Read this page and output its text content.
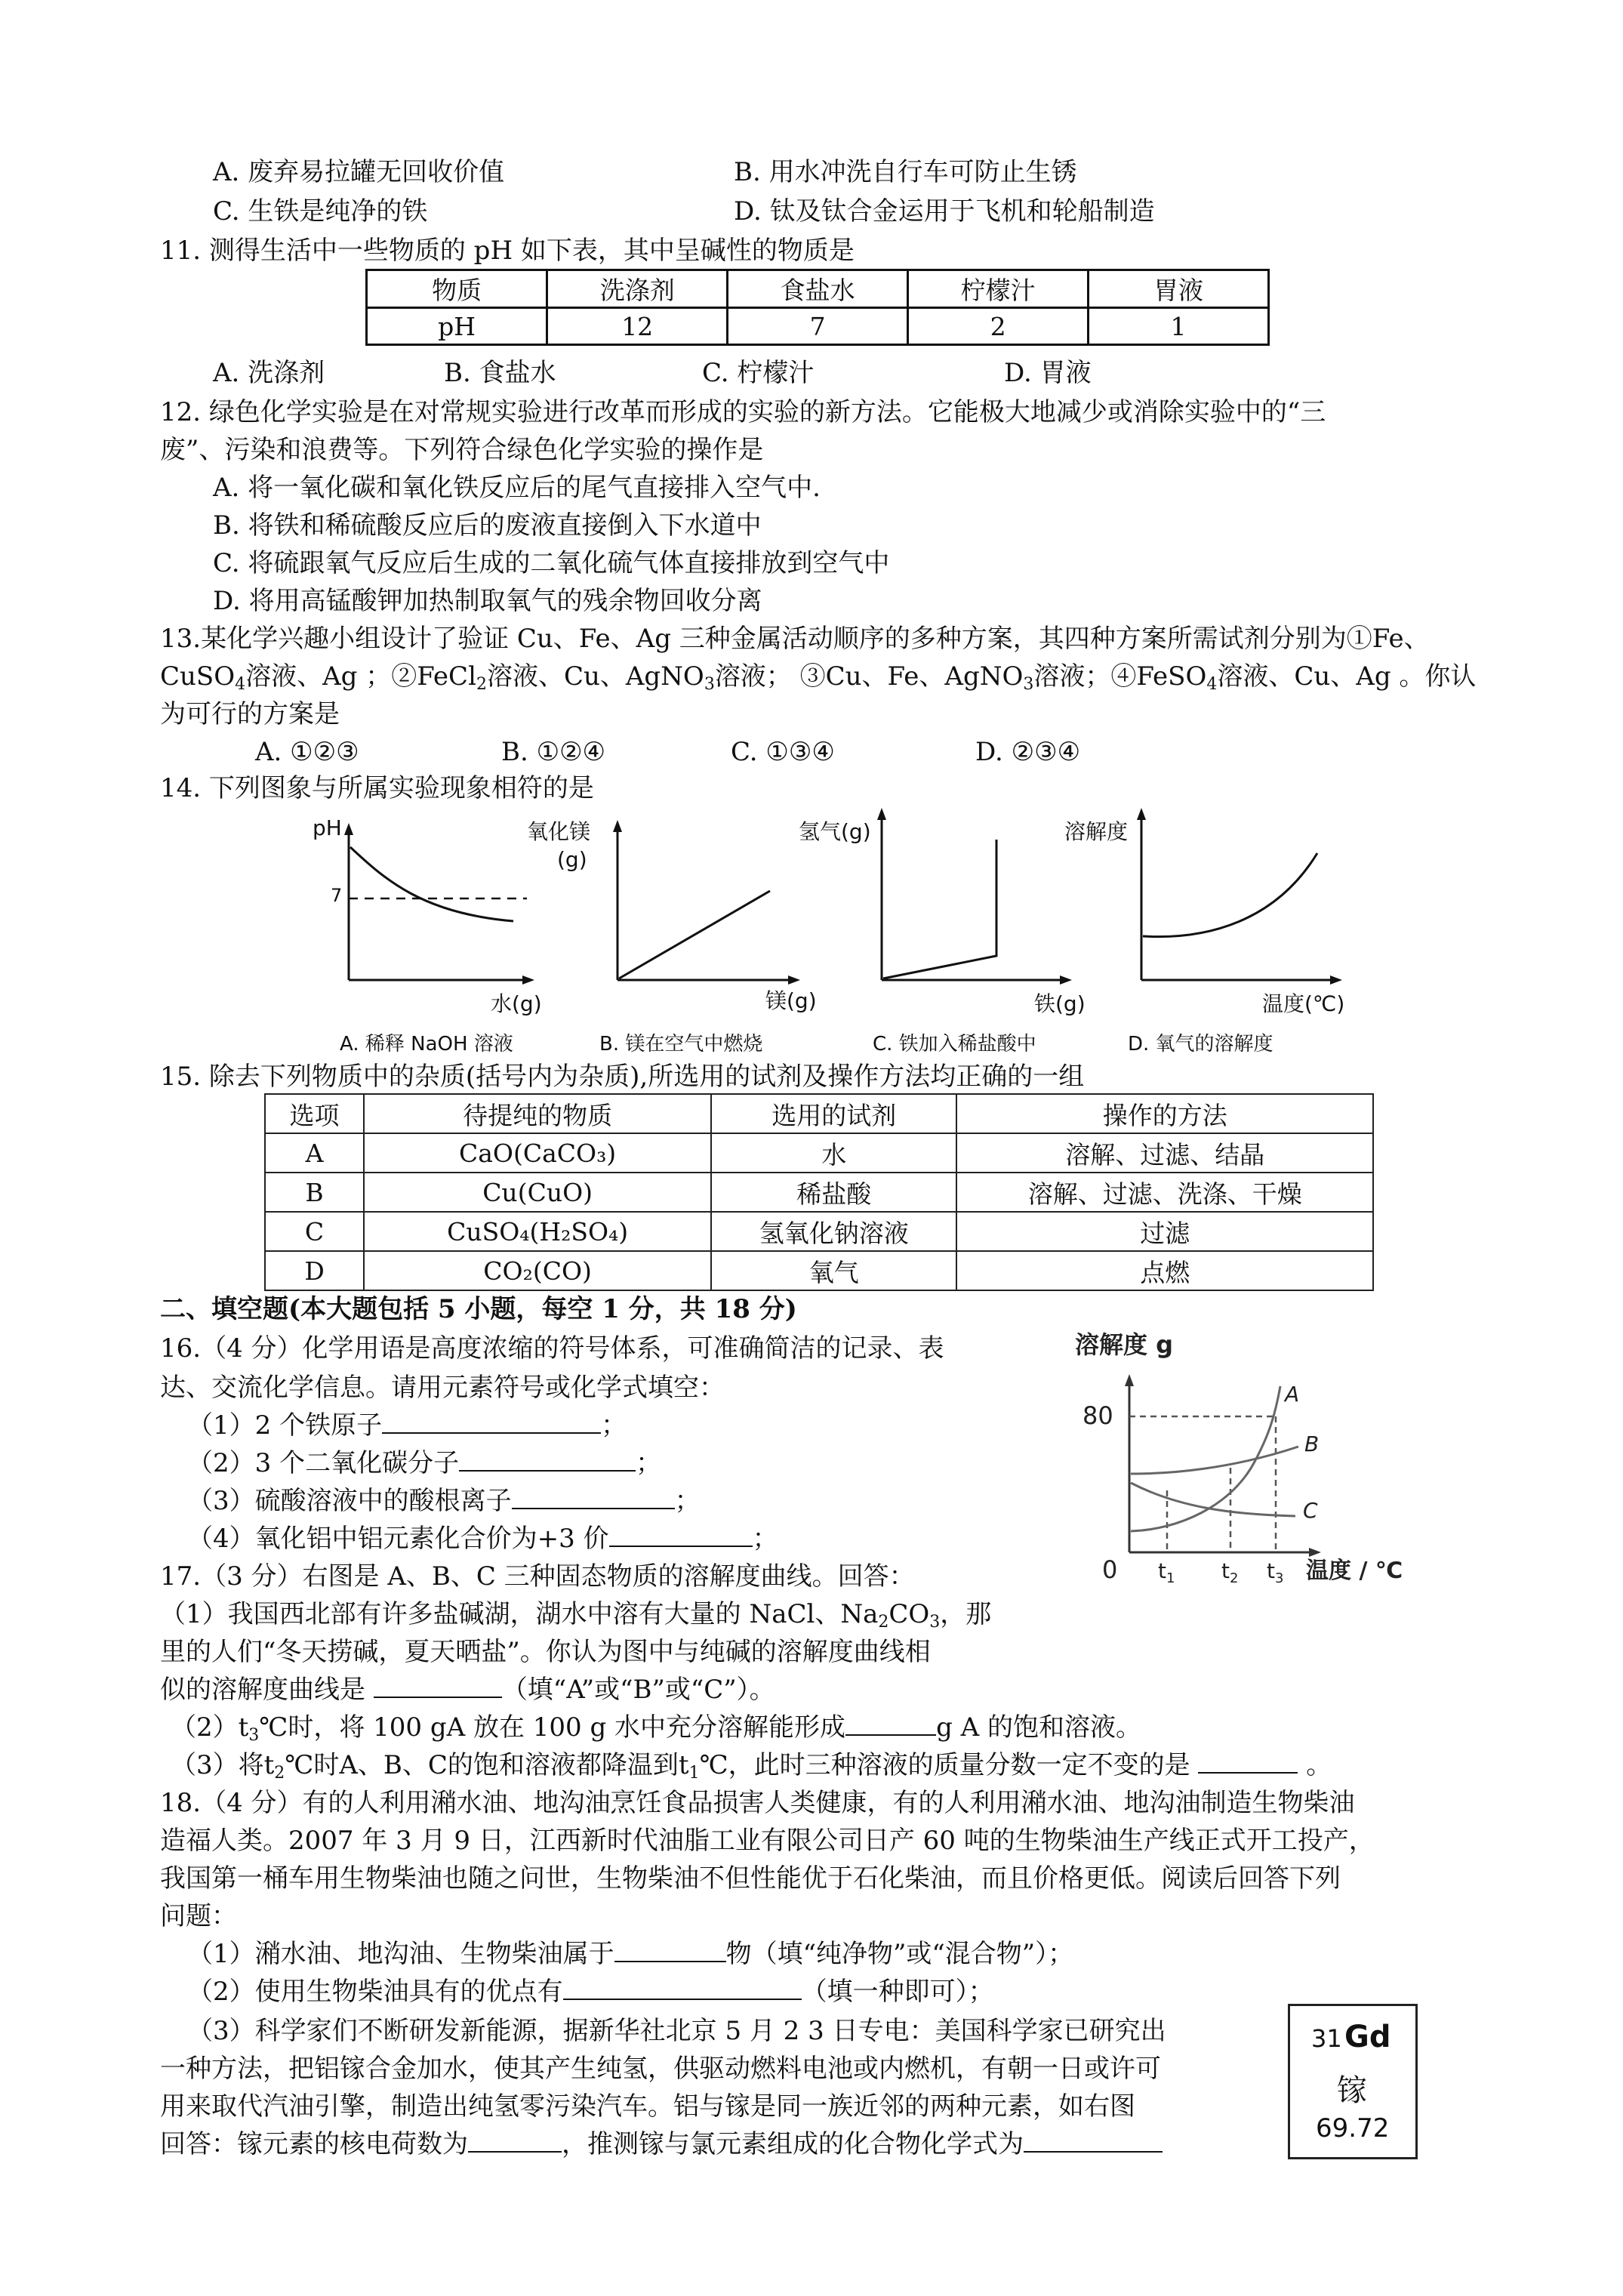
A. 废弃易拉罐无回收价值	B. 用水冲洗自行车可防止生锈
C. 生铁是纯净的铁	D. 钛及钛合金运用于飞机和轮船制造
11. 测得生活中一些物质的 pH 如下表，其中呈碱性的物质是
物质	洗涤剂	食盐水	柠檬汁	胃液
pH	12	7	2	1
A. 洗涤剂	B. 食盐水	C. 柠檬汁	D. 胃液
12. 绿色化学实验是在对常规实验进行改革而形成的实验的新方法。它能极大地减少或消除实验中的“三
废”、污染和浪费等。下列符合绿色化学实验的操作是
A. 将一氧化碳和氧化铁反应后的尾气直接排入空气中.
B. 将铁和稀硫酸反应后的废液直接倒入下水道中
C. 将硫跟氧气反应后生成的二氧化硫气体直接排放到空气中
D. 将用高锰酸钾加热制取氧气的残余物回收分离
13.某化学兴趣小组设计了验证 Cu、Fe、Ag 三种金属活动顺序的多种方案，其四种方案所需试剂分别为①Fe、
CuSO$_4$溶液、Ag ；②FeCl$_2$溶液、Cu、AgNO$_3$溶液； ③Cu、Fe、AgNO$_3$溶液；④FeSO$_4$溶液、Cu、Ag 。你认
为可行的方案是
A. ①②③	B. ①②④	C. ①③④	D. ②③④
14. 下列图象与所属实验现象相符的是
pH
7
水(g)
A. 稀释 NaOH 溶液
氧化镁
(g)
镁(g)
B. 镁在空气中燃烧
氢气(g)
铁(g)
C. 铁加入稀盐酸中
溶解度
温度(℃)
D. 氧气的溶解度
15. 除去下列物质中的杂质(括号内为杂质),所选用的试剂及操作方法均正确的一组
选项	待提纯的物质	选用的试剂	操作的方法
A	CaO(CaCO₃)	水	溶解、过滤、结晶
B	Cu(CuO)	稀盐酸	溶解、过滤、洗涤、干燥
C	CuSO₄(H₂SO₄)	氢氧化钠溶液	过滤
D	CO₂(CO)	氧气	点燃
二、填空题(本大题包括 5 小题，每空 1 分，共 18 分)
16.（4 分）化学用语是高度浓缩的符号体系，可准确简洁的记录、表
达、交流化学信息。请用元素符号或化学式填空：
（1）2 个铁原子	；
（2）3 个二氧化碳分子	；
（3）硫酸溶液中的酸根离子	；
（4）氧化铝中铝元素化合价为+3 价	；
溶解度 g
80
0
A
B
C
$t_1$ $t_2$ $t_3$ 温度 / ℃
17.（3 分）右图是 A、B、C 三种固态物质的溶解度曲线。回答：
（1）我国西北部有许多盐碱湖，湖水中溶有大量的 NaCl、$Na_2CO_3$，那
里的人们“冬天捞碱，夏天晒盐”。你认为图中与纯碱的溶解度曲线相
似的溶解度曲线是	（填“A”或“B”或“C”）。
$(2)t_3℃$时，将 100 gA 放在 100 g 水中充分溶解能形成	g A 的饱和溶液。
（3）将$t_2℃$时A、B、C的饱和溶液都降温到$t_1℃$，此时三种溶液的质量分数一定不变的是	。
18.（4 分）有的人利用潲水油、地沟油烹饪食品损害人类健康，有的人利用潲水油、地沟油制造生物柴油
造福人类。2007 年 3 月 9 日，江西新时代油脂工业有限公司日产 60 吨的生物柴油生产线正式开工投产，
我国第一桶车用生物柴油也随之问世，生物柴油不但性能优于石化柴油，而且价格更低。阅读后回答下列
问题：
（1）潲水油、地沟油、生物柴油属于	物（填“纯净物”或“混合物”）；
（2）使用生物柴油具有的优点有	（填一种即可）；
（3）科学家们不断研发新能源，据新华社北京 5 月 2 3 日专电：美国科学家已研究出
一种方法，把铝镓合金加水，使其产生纯氢，供驱动燃料电池或内燃机，有朝一日或许可
用来取代汽油引擎，制造出纯氢零污染汽车。铝与镓是同一族近邻的两种元素，如右图
回答：镓元素的核电荷数为	，推测镓与氯元素组成的化合物化学式为
31 Gd
镓
69.72
